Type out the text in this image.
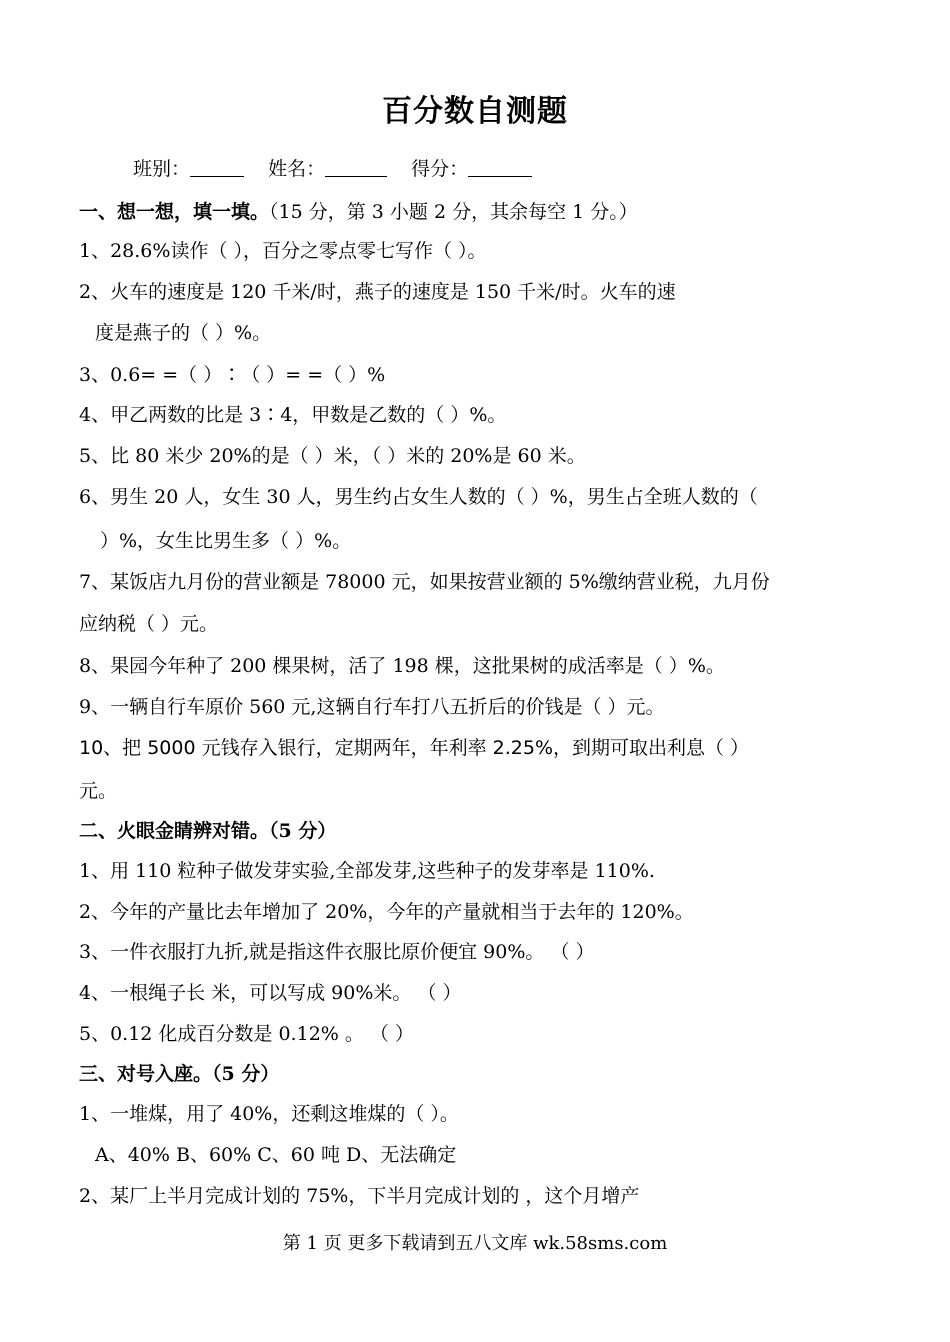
百分数自测题
班别：	姓名：	得分：
一、想一想，填一填。（15 分，第 3 小题 2 分，其余每空 1 分。）
1、28.6%读作（ ），百分之零点零七写作（ ）。
2、火车的速度是 120 千米/时，燕子的速度是 150 千米/时。火车的速
度是燕子的（ ）%。
3、0.6= =（ ）∶（ ）= =（ ）%
4、甲乙两数的比是 3∶4，甲数是乙数的（ ）%。
5、比 80 米少 20%的是（ ）米，（ ）米的 20%是 60 米。
6、男生 20 人，女生 30 人，男生约占女生人数的（ ）%，男生占全班人数的（
）%，女生比男生多（ ）%。
7、某饭店九月份的营业额是 78000 元，如果按营业额的 5%缴纳营业税，九月份
应纳税（ ）元。
8、果园今年种了 200 棵果树，活了 198 棵，这批果树的成活率是（ ）%。
9、一辆自行车原价 560 元,这辆自行车打八五折后的价钱是（ ）元。
10、把 5000 元钱存入银行，定期两年，年利率 2.25%，到期可取出利息（ ）
元。
二、火眼金睛辨对错。（5 分）
1、用 110 粒种子做发芽实验,全部发芽,这些种子的发芽率是 110%.
2、今年的产量比去年增加了 20%，今年的产量就相当于去年的 120%。
3、一件衣服打九折,就是指这件衣服比原价便宜 90%。 （ ）
4、一根绳子长 米，可以写成 90%米。 （ ）
5、0.12 化成百分数是 0.12% 。 （ ）
三、对号入座。（5 分）
1、一堆煤，用了 40%，还剩这堆煤的（ ）。
A、40% B、60% C、60 吨 D、无法确定
2、某厂上半月完成计划的 75%，下半月完成计划的 ，这个月增产
第 1 页 更多下载请到五八文库 wk.58sms.com
